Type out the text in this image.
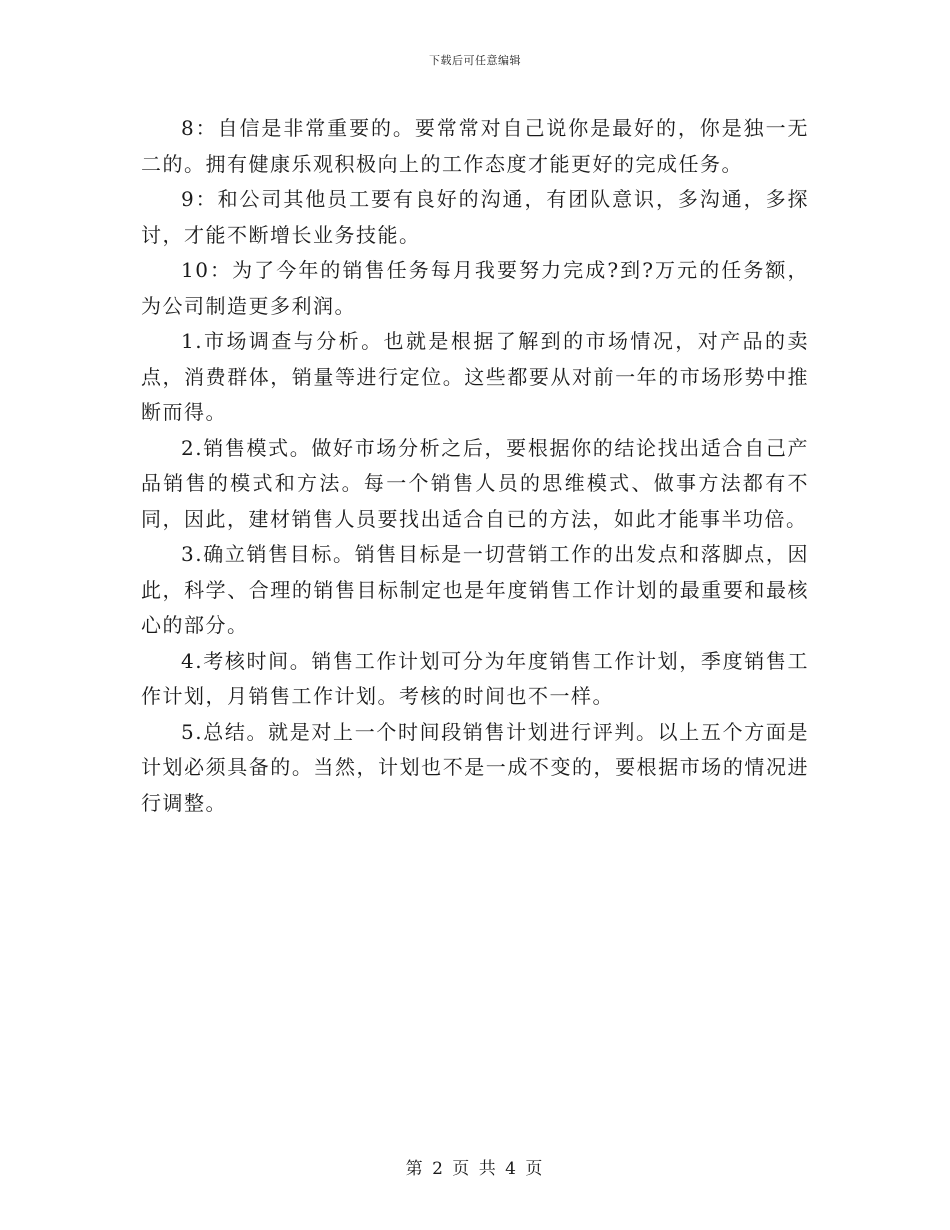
下载后可任意编辑

8：自信是非常重要的。要常常对自己说你是最好的，你是独一无二的。拥有健康乐观积极向上的工作态度才能更好的完成任务。

9：和公司其他员工要有良好的沟通，有团队意识，多沟通，多探讨，才能不断增长业务技能。

10：为了今年的销售任务每月我要努力完成?到?万元的任务额，为公司制造更多利润。

1.市场调查与分析。也就是根据了解到的市场情况，对产品的卖点，消费群体，销量等进行定位。这些都要从对前一年的市场形势中推断而得。

2.销售模式。做好市场分析之后，要根据你的结论找出适合自己产品销售的模式和方法。每一个销售人员的思维模式、做事方法都有不同，因此，建材销售人员要找出适合自已的方法，如此才能事半功倍。

3.确立销售目标。销售目标是一切营销工作的出发点和落脚点，因此，科学、合理的销售目标制定也是年度销售工作计划的最重要和最核心的部分。

4.考核时间。销售工作计划可分为年度销售工作计划，季度销售工作计划，月销售工作计划。考核的时间也不一样。

5.总结。就是对上一个时间段销售计划进行评判。以上五个方面是计划必须具备的。当然，计划也不是一成不变的，要根据市场的情况进行调整。

第 2 页 共 4 页
